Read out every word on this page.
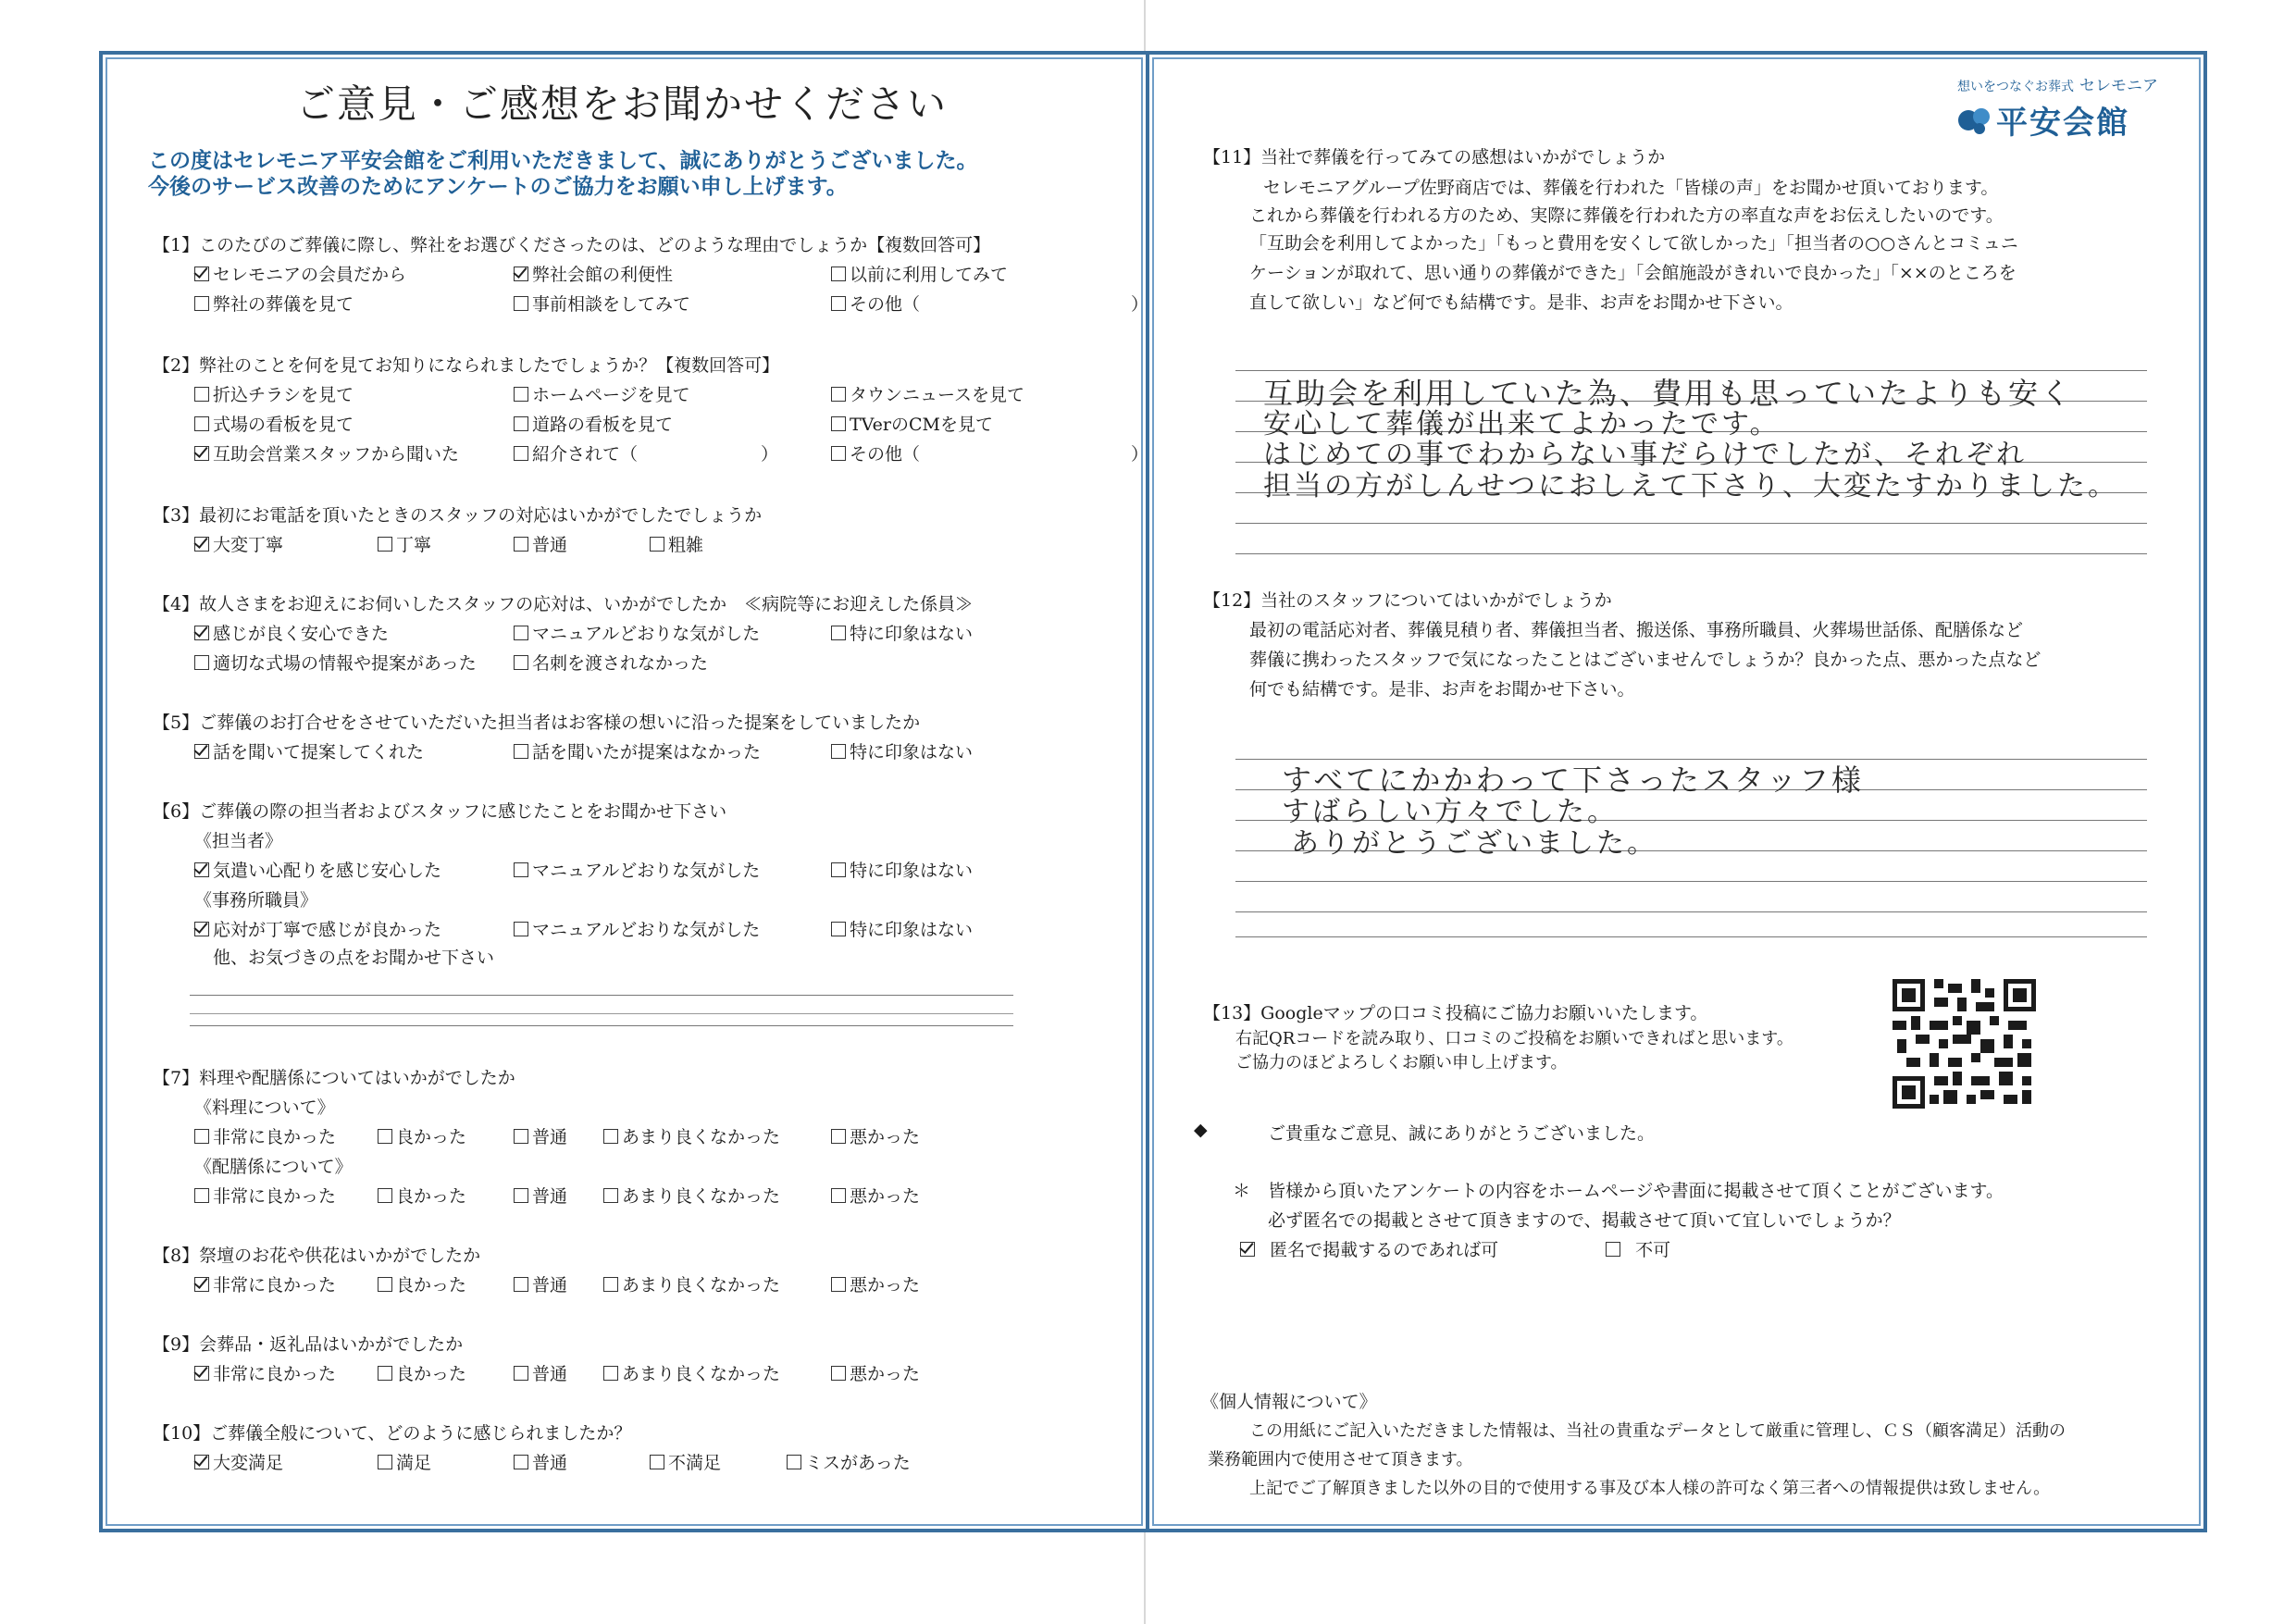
ご意見・ご感想をお聞かせください
この度はセレモニア平安会館をご利用いただきまして、誠にありがとうございました。
今後のサービス改善のためにアンケートのご協力をお願い申し上げます。
【1】このたびのご葬儀に際し、弊社をお選びくださったのは、どのような理由でしょうか【複数回答可】
セレモニアの会員だから	弊社会館の利便性	以前に利用してみて
弊社の葬儀を見て	事前相談をしてみて	その他（　　　　　　　　　　　　）
【2】弊社のことを何を見てお知りになられましたでしょうか？【複数回答可】
折込チラシを見て	ホームページを見て	タウンニュースを見て
式場の看板を見て	道路の看板を見て	TVerのCMを見て
互助会営業スタッフから聞いた	紹介されて（　　　　　　　）	その他（　　　　　　　　　　　　）
【3】最初にお電話を頂いたときのスタッフの対応はいかがでしたでしょうか
大変丁寧	丁寧	普通	粗雑
【4】故人さまをお迎えにお伺いしたスタッフの応対は、いかがでしたか　≪病院等にお迎えした係員≫
感じが良く安心できた	マニュアルどおりな気がした	特に印象はない
適切な式場の情報や提案があった	名刺を渡されなかった
【5】ご葬儀のお打合せをさせていただいた担当者はお客様の想いに沿った提案をしていましたか
話を聞いて提案してくれた	話を聞いたが提案はなかった	特に印象はない
【6】ご葬儀の際の担当者およびスタッフに感じたことをお聞かせ下さい
《担当者》
気遣い心配りを感じ安心した	マニュアルどおりな気がした	特に印象はない
《事務所職員》
応対が丁寧で感じが良かった	マニュアルどおりな気がした	特に印象はない
他、お気づきの点をお聞かせ下さい
【7】料理や配膳係についてはいかがでしたか
《料理について》
非常に良かった	良かった	普通	あまり良くなかった	悪かった
《配膳係について》
非常に良かった	良かった	普通	あまり良くなかった	悪かった
【8】祭壇のお花や供花はいかがでしたか
非常に良かった	良かった	普通	あまり良くなかった	悪かった
【9】会葬品・返礼品はいかがでしたか
非常に良かった	良かった	普通	あまり良くなかった	悪かった
【10】ご葬儀全般について、どのように感じられましたか？
大変満足	満足	普通	不満足	ミスがあった
想いをつなぐお葬式 セレモニア
平安会館
【11】当社で葬儀を行ってみての感想はいかがでしょうか
セレモニアグループ佐野商店では、葬儀を行われた「皆様の声」をお聞かせ頂いております。
これから葬儀を行われる方のため、実際に葬儀を行われた方の率直な声をお伝えしたいのです。
「互助会を利用してよかった」「もっと費用を安くして欲しかった」「担当者の○○さんとコミュニ
ケーションが取れて、思い通りの葬儀ができた」「会館施設がきれいで良かった」「××のところを
直して欲しい」など何でも結構です。是非、お声をお聞かせ下さい。
互助会を利用していた為、費用も思っていたよりも安く
安心して葬儀が出来てよかったです。
はじめての事でわからない事だらけでしたが、それぞれ
担当の方がしんせつにおしえて下さり、大変たすかりました。
【12】当社のスタッフについてはいかがでしょうか
最初の電話応対者、葬儀見積り者、葬儀担当者、搬送係、事務所職員、火葬場世話係、配膳係など
葬儀に携わったスタッフで気になったことはございませんでしょうか？良かった点、悪かった点など
何でも結構です。是非、お声をお聞かせ下さい。
すべてにかかわって下さったスタッフ様
すばらしい方々でした。
ありがとうございました。
【13】Googleマップの口コミ投稿にご協力お願いいたします。
右記QRコードを読み取り、口コミのご投稿をお願いできればと思います。
ご協力のほどよろしくお願い申し上げます。
◆	ご貴重なご意見、誠にありがとうございました。
＊ 皆様から頂いたアンケートの内容をホームページや書面に掲載させて頂くことがございます。
必ず匿名での掲載とさせて頂きますので、掲載させて頂いて宜しいでしょうか？
匿名で掲載するのであれば可	不可
《個人情報について》
この用紙にご記入いただきました情報は、当社の貴重なデータとして厳重に管理し、ＣＳ（顧客満足）活動の
業務範囲内で使用させて頂きます。
上記でご了解頂きました以外の目的で使用する事及び本人様の許可なく第三者への情報提供は致しません。
